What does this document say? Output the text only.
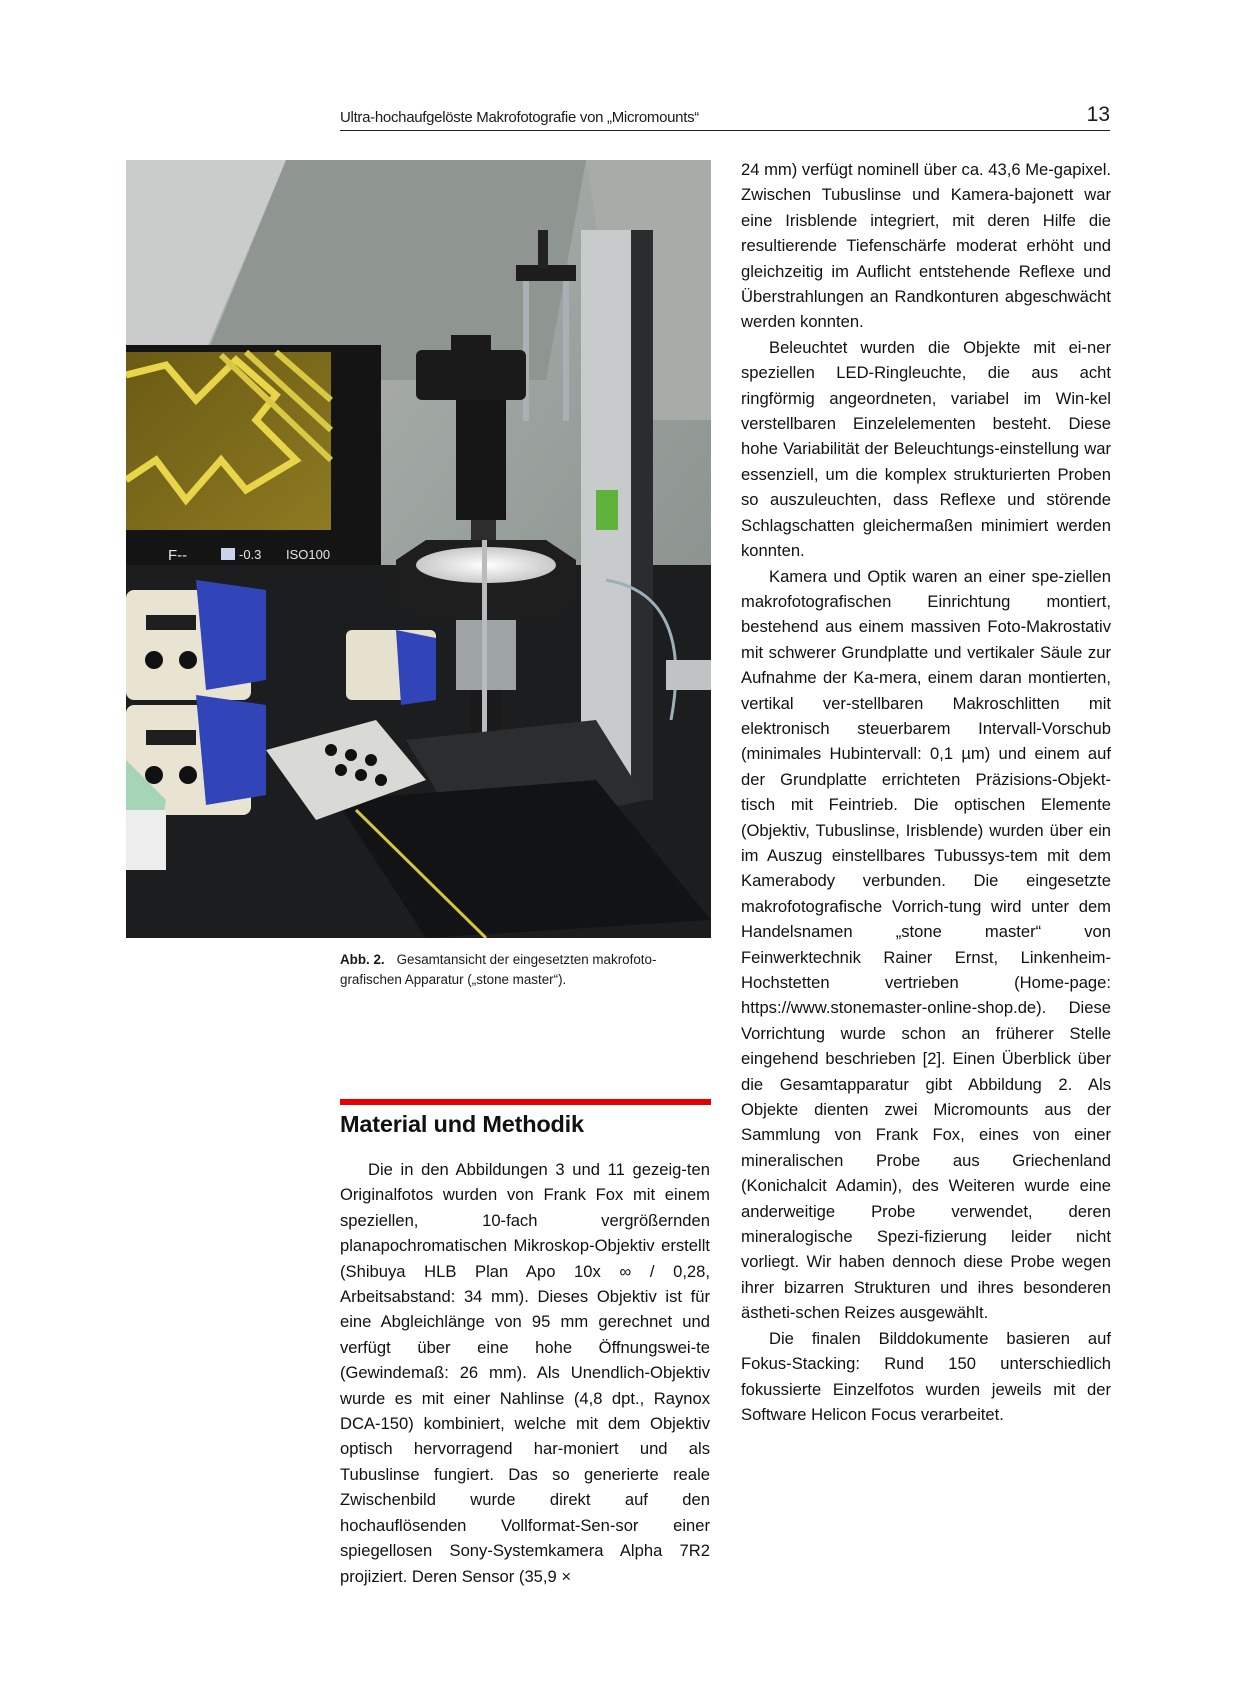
Ultra-hochaufgelöste Makrofotografie von „Micromounts“	13
F--	-0.3 ISO100
Abb. 2. Gesamtansicht der eingesetzten makrofoto-grafischen Apparatur („stone master“).
Material und Methodik

Die in den Abbildungen 3 und 11 gezeig-ten Originalfotos wurden von Frank Fox mit einem speziellen, 10-fach vergrößernden planapochromatischen Mikroskop-Objektiv erstellt (Shibuya HLB Plan Apo 10x ∞ / 0,28, Arbeitsabstand: 34 mm). Dieses Objektiv ist für eine Abgleichlänge von 95 mm gerechnet und verfügt über eine hohe Öffnungswei-te (Gewindemaß: 26 mm). Als Unendlich-Objektiv wurde es mit einer Nahlinse (4,8 dpt., Raynox DCA-150) kombiniert, welche mit dem Objektiv optisch hervorragend har-moniert und als Tubuslinse fungiert. Das so generierte reale Zwischenbild wurde direkt auf den hochauflösenden Vollformat-Sen-sor einer spiegellosen Sony-Systemkamera Alpha 7R2 projiziert. Deren Sensor (35,9 ×

24 mm) verfügt nominell über ca. 43,6 Me-gapixel. Zwischen Tubuslinse und Kamera-bajonett war eine Irisblende integriert, mit deren Hilfe die resultierende Tiefenschärfe moderat erhöht und gleichzeitig im Auflicht entstehende Reflexe und Überstrahlungen an Randkonturen abgeschwächt werden konnten.

Beleuchtet wurden die Objekte mit ei-ner speziellen LED-Ringleuchte, die aus acht ringförmig angeordneten, variabel im Win-kel verstellbaren Einzelelementen besteht. Diese hohe Variabilität der Beleuchtungs-einstellung war essenziell, um die komplex strukturierten Proben so auszuleuchten, dass Reflexe und störende Schlagschatten gleichermaßen minimiert werden konnten.

Kamera und Optik waren an einer spe-ziellen makrofotografischen Einrichtung montiert, bestehend aus einem massiven Foto-Makrostativ mit schwerer Grundplatte und vertikaler Säule zur Aufnahme der Ka-mera, einem daran montierten, vertikal ver-stellbaren Makroschlitten mit elektronisch steuerbarem Intervall-Vorschub (minimales Hubintervall: 0,1 µm) und einem auf der Grundplatte errichteten Präzisions-Objekt-tisch mit Feintrieb. Die optischen Elemente (Objektiv, Tubuslinse, Irisblende) wurden über ein im Auszug einstellbares Tubussys-tem mit dem Kamerabody verbunden. Die eingesetzte makrofotografische Vorrich-tung wird unter dem Handelsnamen „stone master“ von Feinwerktechnik Rainer Ernst, Linkenheim-Hochstetten vertrieben (Home-page: https://www.stonemaster-online-shop.de). Diese Vorrichtung wurde schon an früherer Stelle eingehend beschrieben [2]. Einen Überblick über die Gesamtapparatur gibt Abbildung 2. Als Objekte dienten zwei Micromounts aus der Sammlung von Frank Fox, eines von einer mineralischen Probe aus Griechenland (Konichalcit Adamin), des Weiteren wurde eine anderweitige Probe verwendet, deren mineralogische Spezi-fizierung leider nicht vorliegt. Wir haben dennoch diese Probe wegen ihrer bizarren Strukturen und ihres besonderen ästheti-schen Reizes ausgewählt.

Die finalen Bilddokumente basieren auf Fokus-Stacking: Rund 150 unterschiedlich fokussierte Einzelfotos wurden jeweils mit der Software Helicon Focus verarbeitet.
